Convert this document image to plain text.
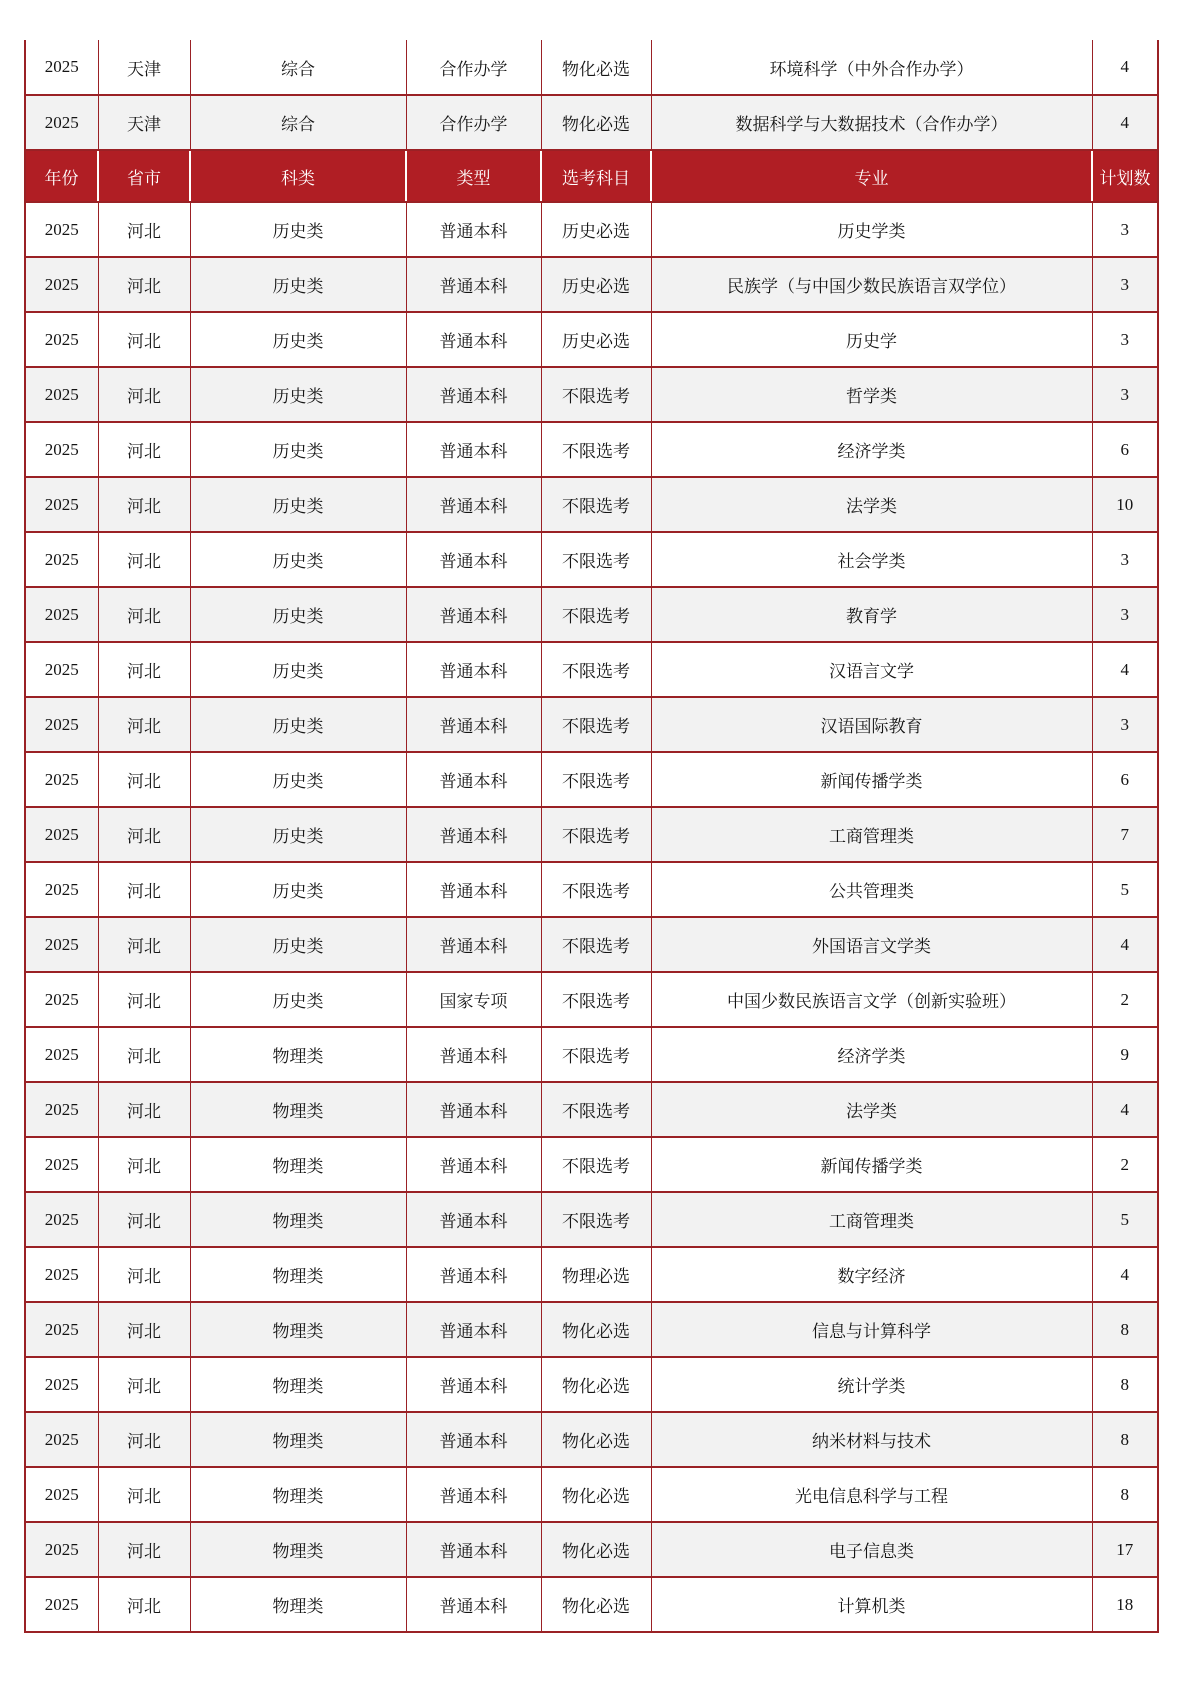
2025	天津	综合	合作办学	物化必选	环境科学（中外合作办学）	4
2025	天津	综合	合作办学	物化必选	数据科学与大数据技术（合作办学）	4
年份	省市	科类	类型	选考科目	专业	计划数
2025	河北	历史类	普通本科	历史必选	历史学类	3
2025	河北	历史类	普通本科	历史必选	民族学（与中国少数民族语言双学位）	3
2025	河北	历史类	普通本科	历史必选	历史学	3
2025	河北	历史类	普通本科	不限选考	哲学类	3
2025	河北	历史类	普通本科	不限选考	经济学类	6
2025	河北	历史类	普通本科	不限选考	法学类	10
2025	河北	历史类	普通本科	不限选考	社会学类	3
2025	河北	历史类	普通本科	不限选考	教育学	3
2025	河北	历史类	普通本科	不限选考	汉语言文学	4
2025	河北	历史类	普通本科	不限选考	汉语国际教育	3
2025	河北	历史类	普通本科	不限选考	新闻传播学类	6
2025	河北	历史类	普通本科	不限选考	工商管理类	7
2025	河北	历史类	普通本科	不限选考	公共管理类	5
2025	河北	历史类	普通本科	不限选考	外国语言文学类	4
2025	河北	历史类	国家专项	不限选考	中国少数民族语言文学（创新实验班）	2
2025	河北	物理类	普通本科	不限选考	经济学类	9
2025	河北	物理类	普通本科	不限选考	法学类	4
2025	河北	物理类	普通本科	不限选考	新闻传播学类	2
2025	河北	物理类	普通本科	不限选考	工商管理类	5
2025	河北	物理类	普通本科	物理必选	数字经济	4
2025	河北	物理类	普通本科	物化必选	信息与计算科学	8
2025	河北	物理类	普通本科	物化必选	统计学类	8
2025	河北	物理类	普通本科	物化必选	纳米材料与技术	8
2025	河北	物理类	普通本科	物化必选	光电信息科学与工程	8
2025	河北	物理类	普通本科	物化必选	电子信息类	17
2025	河北	物理类	普通本科	物化必选	计算机类	18
